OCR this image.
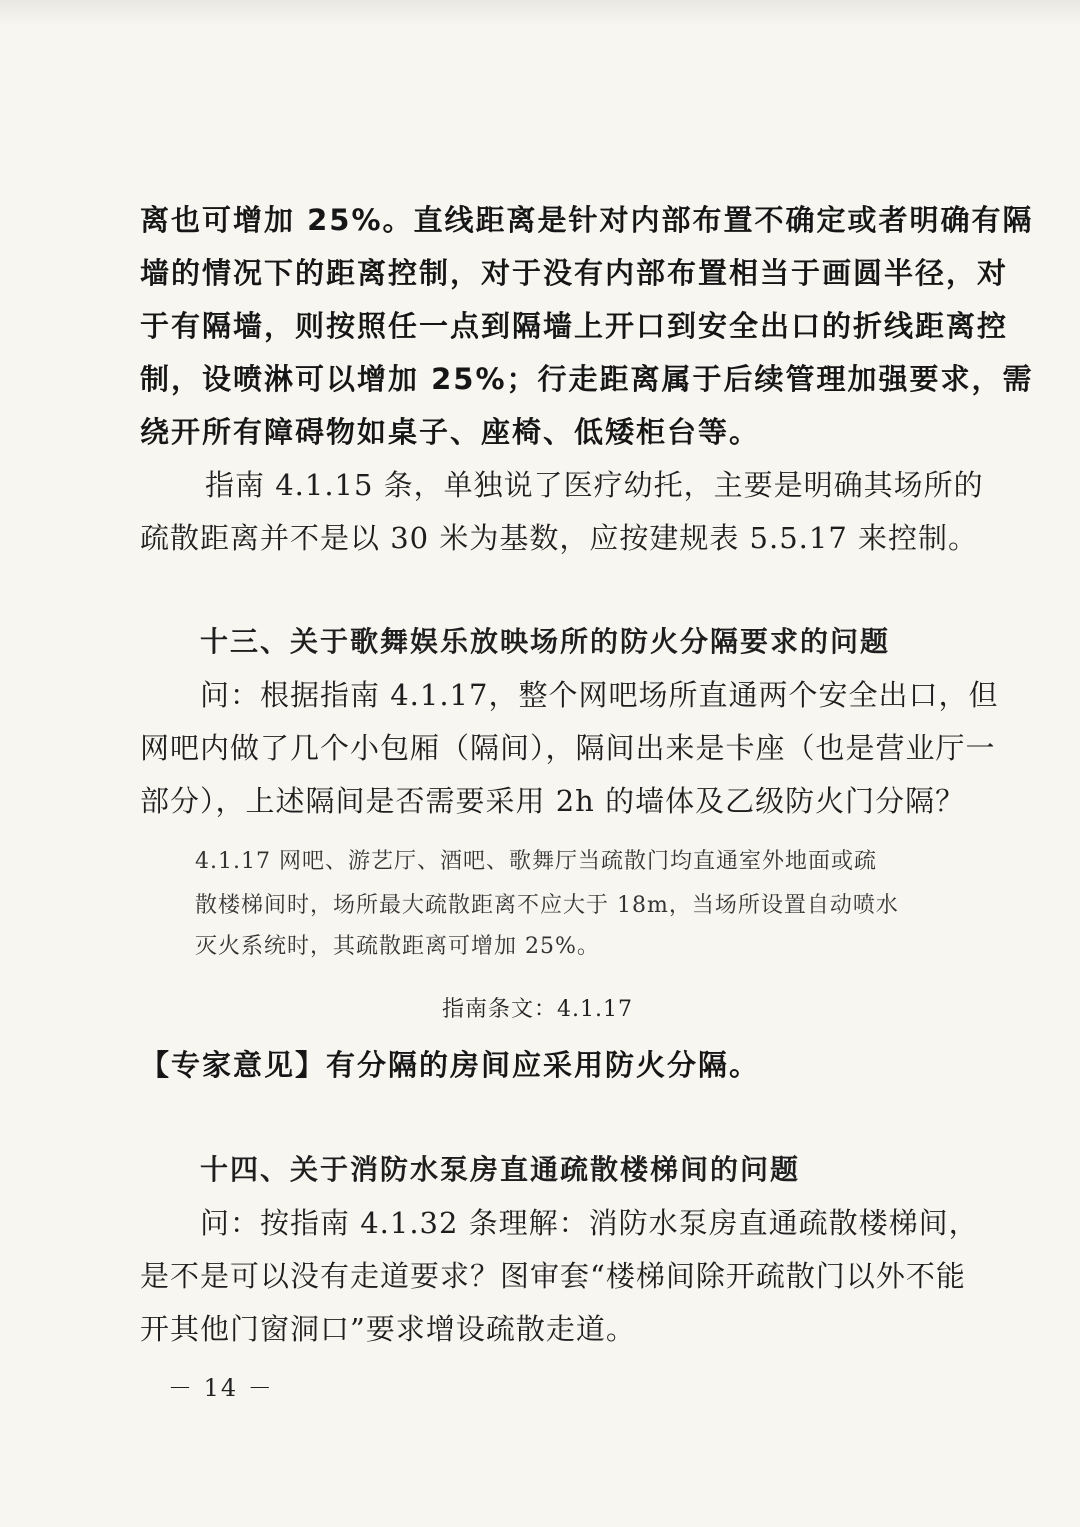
离也可增加 25%。直线距离是针对内部布置不确定或者明确有隔
墙的情况下的距离控制，对于没有内部布置相当于画圆半径，对
于有隔墙，则按照任一点到隔墙上开口到安全出口的折线距离控
制，设喷淋可以增加 25%；行走距离属于后续管理加强要求，需
绕开所有障碍物如桌子、座椅、低矮柜台等。
指南 4.1.15 条，单独说了医疗幼托，主要是明确其场所的
疏散距离并不是以 30 米为基数，应按建规表 5.5.17 来控制。
十三、关于歌舞娱乐放映场所的防火分隔要求的问题
问：根据指南 4.1.17，整个网吧场所直通两个安全出口，但
网吧内做了几个小包厢（隔间），隔间出来是卡座（也是营业厅一
部分），上述隔间是否需要采用 2h 的墙体及乙级防火门分隔？
4.1.17 网吧、游艺厅、酒吧、歌舞厅当疏散门均直通室外地面或疏
散楼梯间时，场所最大疏散距离不应大于 18m，当场所设置自动喷水
灭火系统时，其疏散距离可增加 25%。
指南条文：4.1.17
【专家意见】有分隔的房间应采用防火分隔。
十四、关于消防水泵房直通疏散楼梯间的问题
问：按指南 4.1.32 条理解：消防水泵房直通疏散楼梯间，
是不是可以没有走道要求？图审套“楼梯间除开疏散门以外不能
开其他门窗洞口”要求增设疏散走道。
－ 14 －
